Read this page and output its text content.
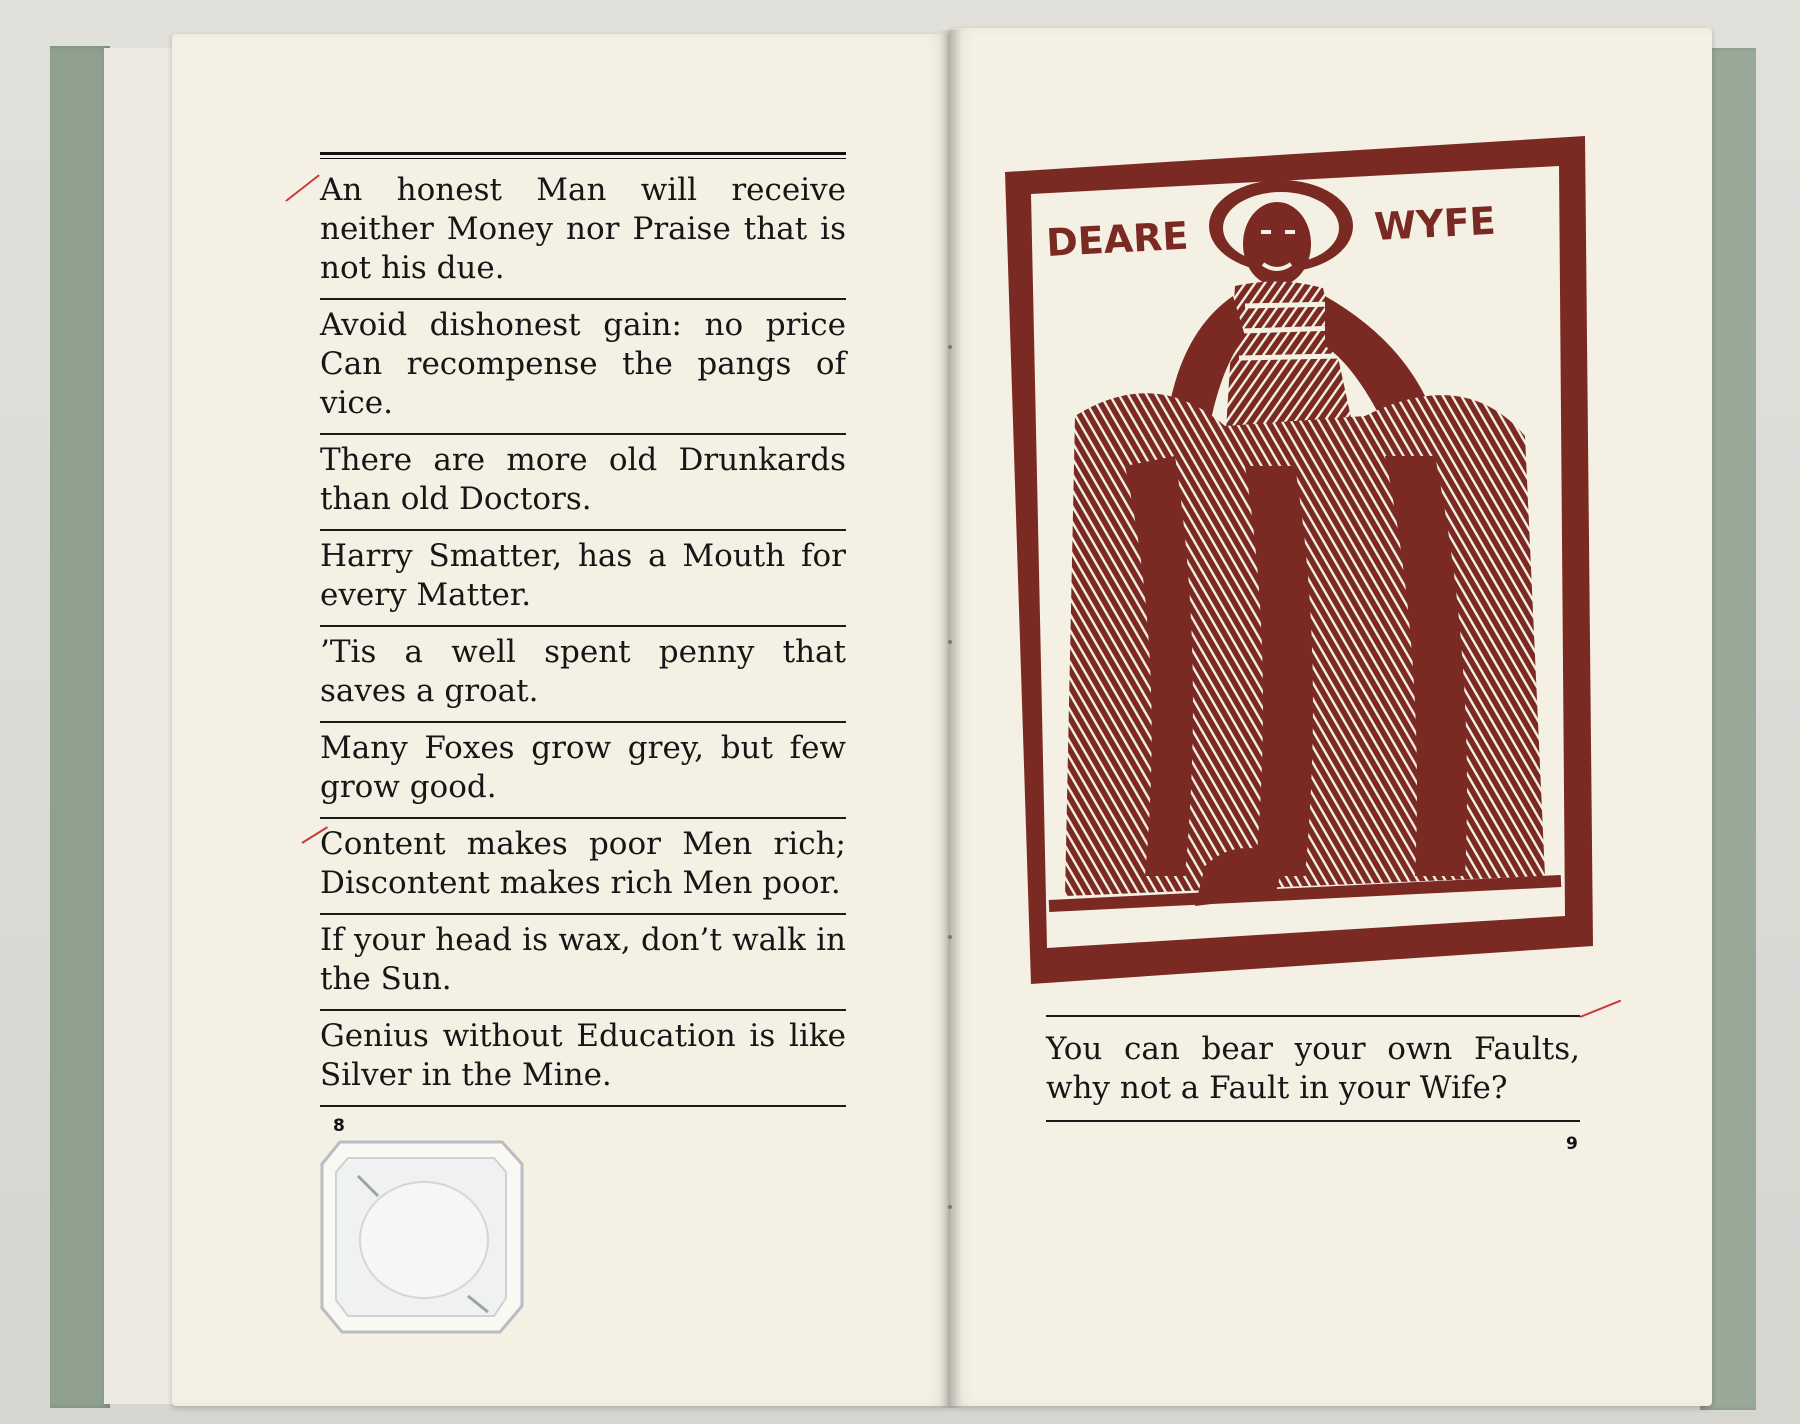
An honest Man will receive neither Money nor Praise that is not his due.
Avoid dishonest gain: no price Can recompense the pangs of vice.
There are more old Drunkards than old Doctors.
Harry Smatter, has a Mouth for every Matter.
’Tis a well spent penny that saves a groat.
Many Foxes grow grey, but few grow good.
Content makes poor Men rich; Discontent makes rich Men poor.
If your head is wax, don’t walk in the Sun.
Genius without Education is like Silver in the Mine.
8
9
DEARE	WYFE
You can bear your own Faults, why not a Fault in your Wife?
